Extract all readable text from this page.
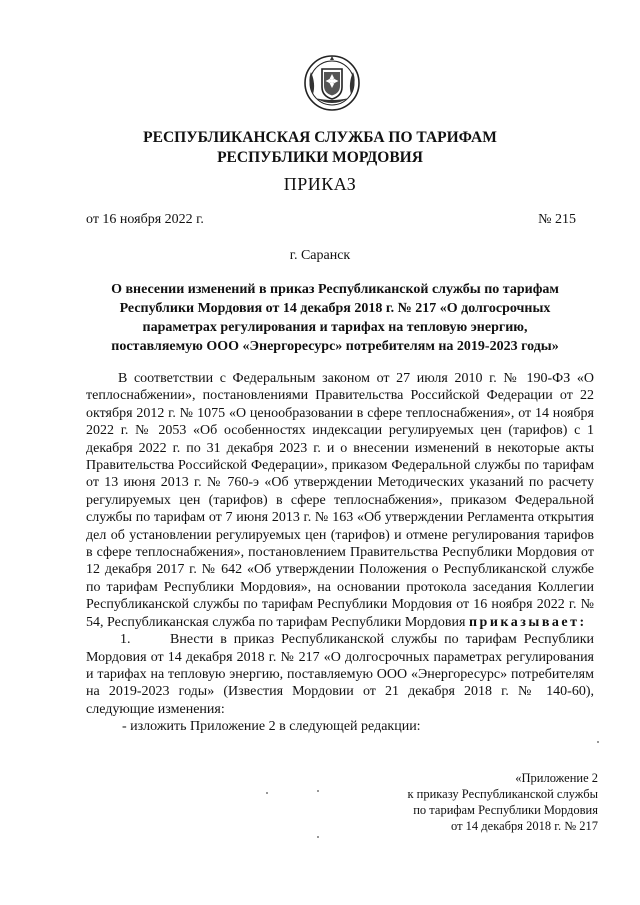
РЕСПУБЛИКАНСКАЯ СЛУЖБА ПО ТАРИФАМ
РЕСПУБЛИКИ МОРДОВИЯ
ПРИКАЗ
от 16 ноября 2022 г.	№ 215
г. Саранск
О внесении изменений в приказ Республиканской службы по тарифам
Республики Мордовия от 14 декабря 2018 г. № 217 «О долгосрочных
параметрах регулирования и тарифах на тепловую энергию,
поставляемую ООО «Энергоресурс» потребителям на 2019-2023 годы»

В соответствии с Федеральным законом от 27 июля 2010 г. № 190-ФЗ «О теплоснабжении», постановлениями Правительства Российской Федерации от 22 октября 2012 г. № 1075 «О ценообразовании в сфере теплоснабжения», от 14 ноября 2022 г. № 2053 «Об особенностях индексации регулируемых цен (тарифов) с 1 декабря 2022 г. по 31 декабря 2023 г. и о внесении изменений в некоторые акты Правительства Российской Федерации», приказом Федеральной службы по тарифам от 13 июня 2013 г. № 760-э «Об утверждении Методических указаний по расчету регулируемых цен (тарифов) в сфере теплоснабжения», приказом Федеральной службы по тарифам от 7 июня 2013 г. № 163 «Об утверждении Регламента открытия дел об установлении регулируемых цен (тарифов) и отмене регулирования тарифов в сфере теплоснабжения», постановлением Правительства Республики Мордовия от 12 декабря 2017 г. № 642 «Об утверждении Положения о Республиканской службе по тарифам Республики Мордовия», на основании протокола заседания Коллегии Республиканской службы по тарифам Республики Мордовия от 16 ноября 2022 г. № 54, Республиканская служба по тарифам Республики Мордовия приказывает:

1.	Внести в приказ Республиканской службы по тарифам Республики Мордовия от 14 декабря 2018 г. № 217 «О долгосрочных параметрах регулирования и тарифах на тепловую энергию, поставляемую ООО «Энергоресурс» потребителям на 2019-2023 годы» (Известия Мордовии от 21 декабря 2018 г. № 140-60), следующие изменения:

- изложить Приложение 2 в следующей редакции:

«Приложение 2
к приказу Республиканской службы
по тарифам Республики Мордовия
от 14 декабря 2018 г. № 217
